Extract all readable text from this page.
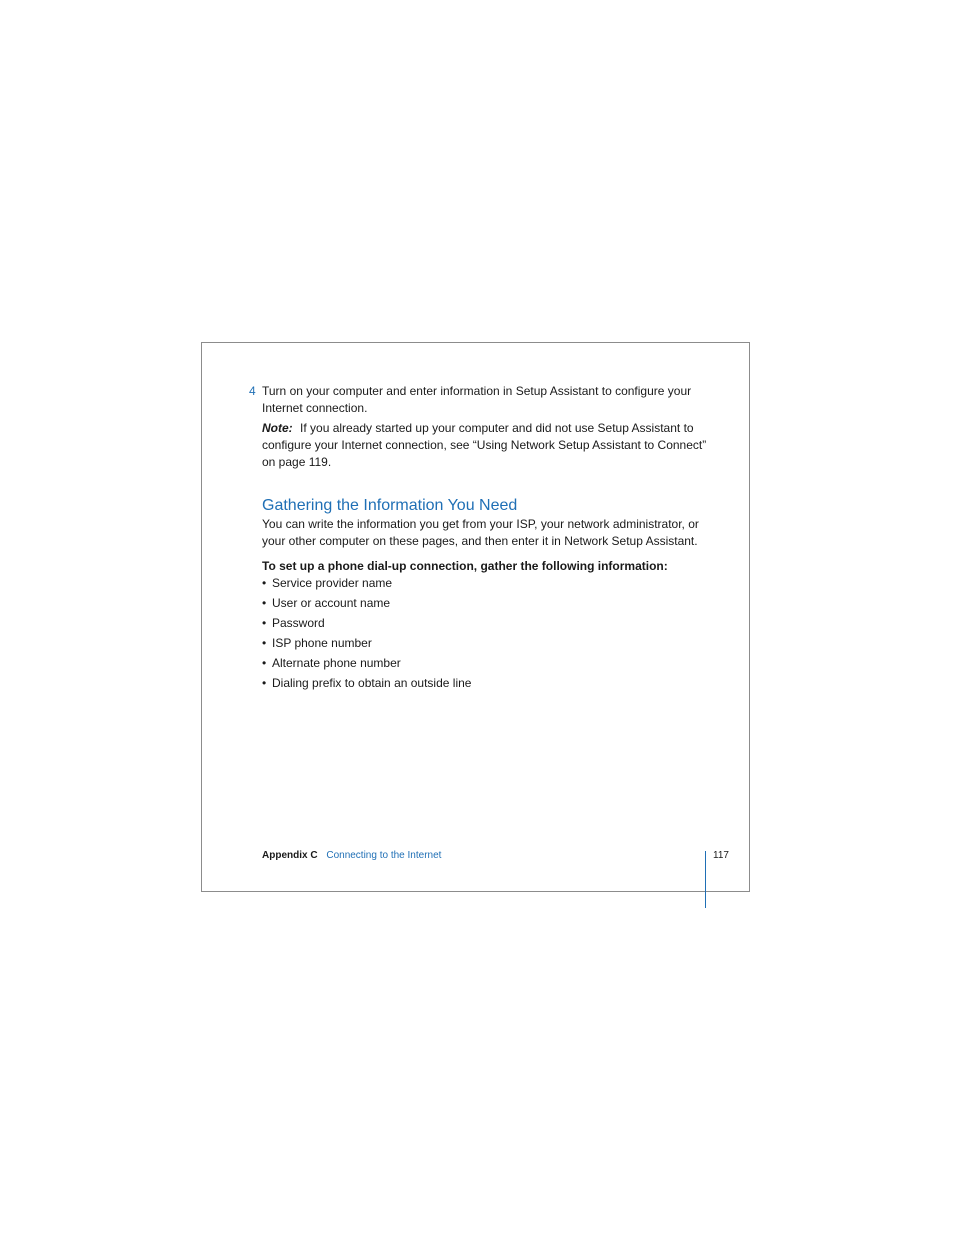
4 Turn on your computer and enter information in Setup Assistant to configure your Internet connection.

Note: If you already started up your computer and did not use Setup Assistant to configure your Internet connection, see “Using Network Setup Assistant to Connect” on page 119.

Gathering the Information You Need

You can write the information you get from your ISP, your network administrator, or your other computer on these pages, and then enter it in Network Setup Assistant.

To set up a phone dial-up connection, gather the following information:

• Service provider name
• User or account name
• Password
• ISP phone number
• Alternate phone number
• Dialing prefix to obtain an outside line
Appendix C Connecting to the Internet	117
